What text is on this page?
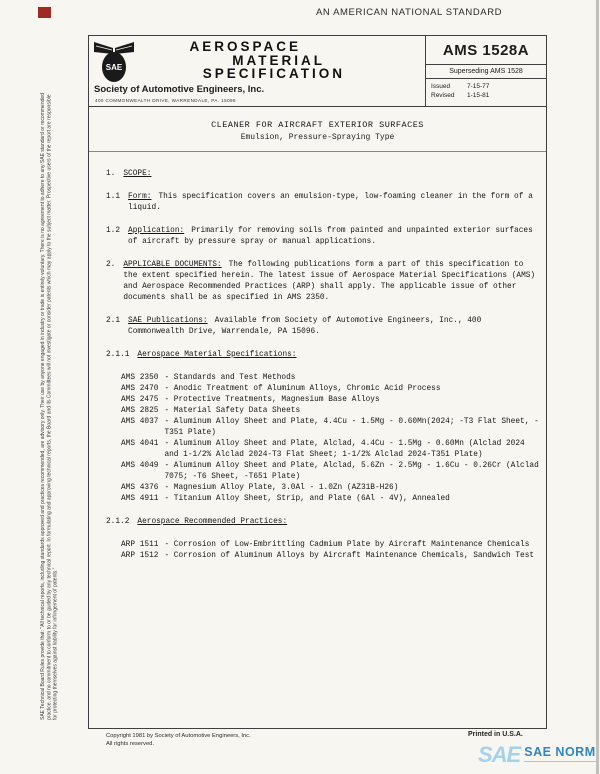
AN AMERICAN NATIONAL STANDARD
SAE Technical Board Rules provide that: "All technical reports, including standards approved and practices recommended, are advisory only. Their use by anyone engaged in industry or trade is entirely voluntary. There is no agreement to adhere to any SAE standard or recommended practice, and no commitment to conform to or be guided by any technical report. In formulating and approving technical reports, the Board and its Committees will not investigate or consider patents which may apply to the subject matter. Prospective users of the report are responsible for protecting themselves against liability for infringement of patents."
SAE
AEROSPACE
MATERIAL
SPECIFICATION
Society of Automotive Engineers, Inc.
400 COMMONWEALTH DRIVE, WARRENDALE, PA. 15096
AMS 1528A
Superseding AMS 1528
Issued	7-15-77
Revised	1-15-81
CLEANER FOR AIRCRAFT EXTERIOR SURFACES
Emulsion, Pressure-Spraying Type
1.	SCOPE:
1.1	Form: This specification covers an emulsion-type, low-foaming cleaner in the form of a liquid.
1.2	Application: Primarily for removing soils from painted and unpainted exterior surfaces of aircraft by pressure spray or manual applications.
2.	APPLICABLE DOCUMENTS: The following publications form a part of this specification to the extent specified herein. The latest issue of Aerospace Material Specifications (AMS) and Aerospace Recommended Practices (ARP) shall apply. The applicable issue of other documents shall be as specified in AMS 2350.
2.1	SAE Publications: Available from Society of Automotive Engineers, Inc., 400 Commonwealth Drive, Warrendale, PA 15096.
2.1.1	Aerospace Material Specifications:
AMS 2350 - Standards and Test Methods
AMS 2470 - Anodic Treatment of Aluminum Alloys, Chromic Acid Process
AMS 2475 - Protective Treatments, Magnesium Base Alloys
AMS 2825 - Material Safety Data Sheets
AMS 4037 - Aluminum Alloy Sheet and Plate, 4.4Cu - 1.5Mg - 0.60Mn(2024; -T3 Flat Sheet, -T351 Plate)
AMS 4041 - Aluminum Alloy Sheet and Plate, Alclad, 4.4Cu - 1.5Mg - 0.60Mn (Alclad 2024 and 1-1/2% Alclad 2024-T3 Flat Sheet; 1-1/2% Alclad 2024-T351 Plate)
AMS 4049 - Aluminum Alloy Sheet and Plate, Alclad, 5.6Zn - 2.5Mg - 1.6Cu - 0.26Cr (Alclad 7075; -T6 Sheet, -T651 Plate)
AMS 4376 - Magnesium Alloy Plate, 3.0Al - 1.0Zn (AZ31B-H26)
AMS 4911 - Titanium Alloy Sheet, Strip, and Plate (6Al - 4V), Annealed
2.1.2	Aerospace Recommended Practices:
ARP 1511 - Corrosion of Low-Embrittling Cadmium Plate by Aircraft Maintenance Chemicals
ARP 1512 - Corrosion of Aluminum Alloys by Aircraft Maintenance Chemicals, Sandwich Test
Copyright 1981 by Society of Automotive Engineers, Inc.
All rights reserved.
Printed in U.S.A.
SAE SAE NORM
